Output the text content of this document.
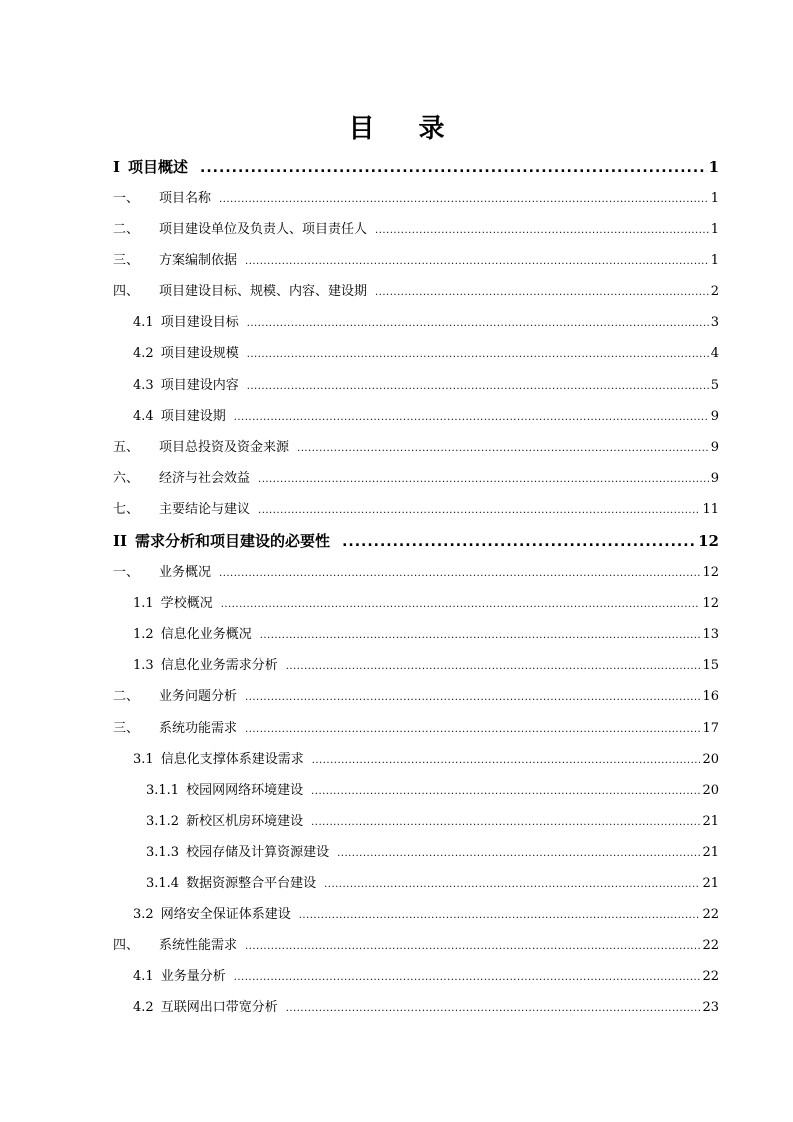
目 录
I 项目概述 .....	1
一、	项目名称 .....	1
二、	项目建设单位及负责人、项目责任人 .....	1
三、	方案编制依据 .....	1
四、	项目建设目标、规模、内容、建设期 .....	2
4.1 项目建设目标 .....	3
4.2 项目建设规模 .....	4
4.3 项目建设内容 .....	5
4.4 项目建设期 .....	9
五、	项目总投资及资金来源 .....	9
六、	经济与社会效益 .....	9
七、	主要结论与建议 .....	11
II 需求分析和项目建设的必要性 .....	12
一、	业务概况 .....	12
1.1 学校概况 .....	12
1.2 信息化业务概况 .....	13
1.3 信息化业务需求分析 .....	15
二、	业务问题分析 .....	16
三、	系统功能需求 .....	17
3.1 信息化支撑体系建设需求 .....	20
3.1.1 校园网网络环境建设 .....	20
3.1.2 新校区机房环境建设 .....	21
3.1.3 校园存储及计算资源建设 .....	21
3.1.4 数据资源整合平台建设 .....	21
3.2 网络安全保证体系建设 .....	22
四、	系统性能需求 .....	22
4.1 业务量分析 .....	22
4.2 互联网出口带宽分析 .....	23
